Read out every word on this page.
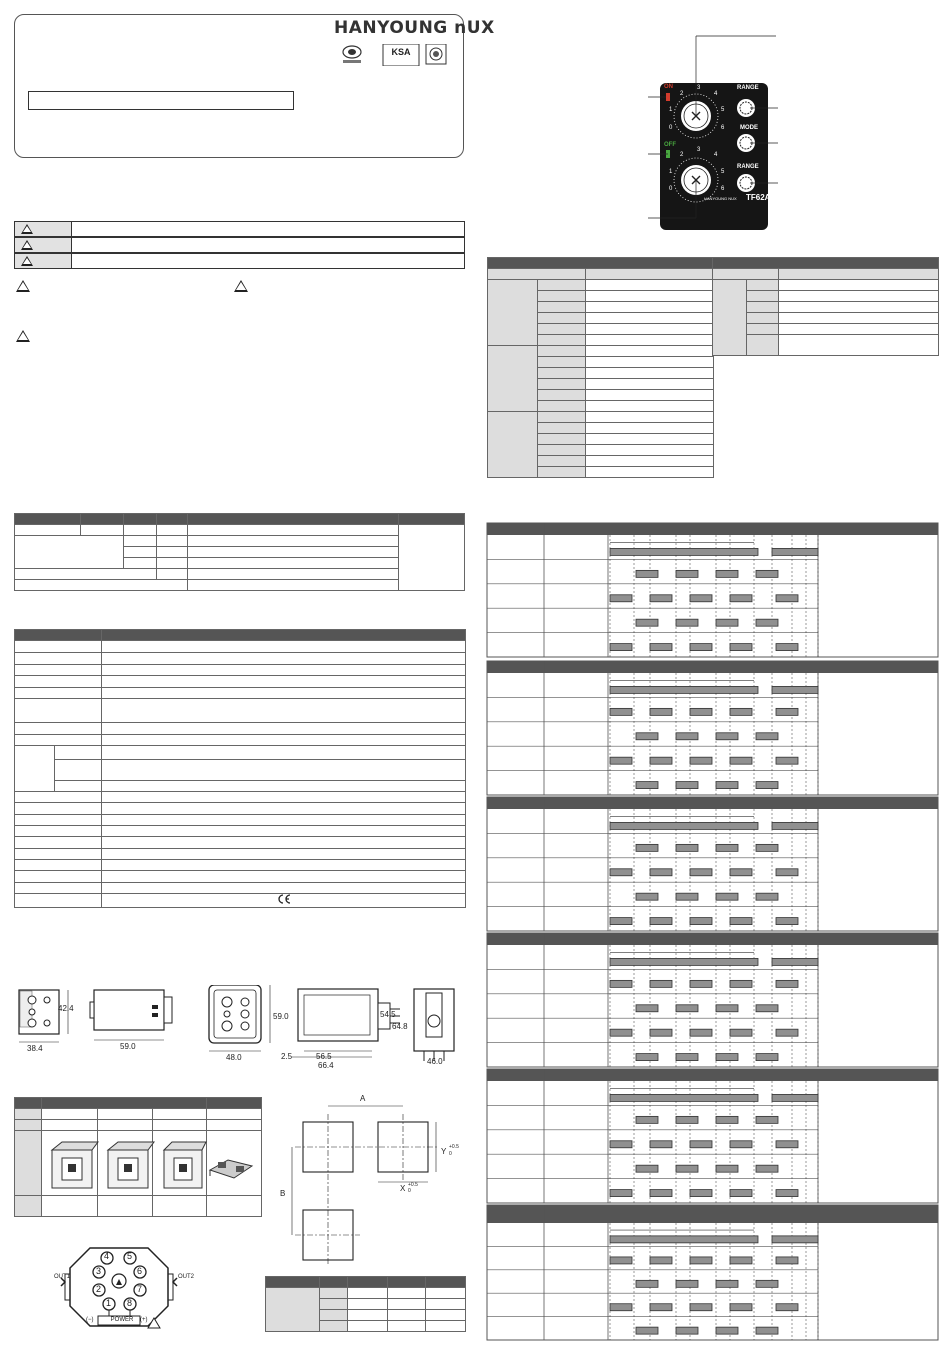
HANYOUNG nUX
KSA

42.4
38.4	59.0
59.0
48.0	2.5	56.5
66.4
54.5
64.8
46.0

A
B
X +0.5
0
Y +0.5
0

4 5
3	6
2	7
1 8
OUT1	OUT2
POWER
(−)	(+)
ON
OFF
RANGE
MODE
RANGE
2
1
0
3
4
5
6
2
1
0
3
4
5
6
HANYOUNG NUX TF62A
